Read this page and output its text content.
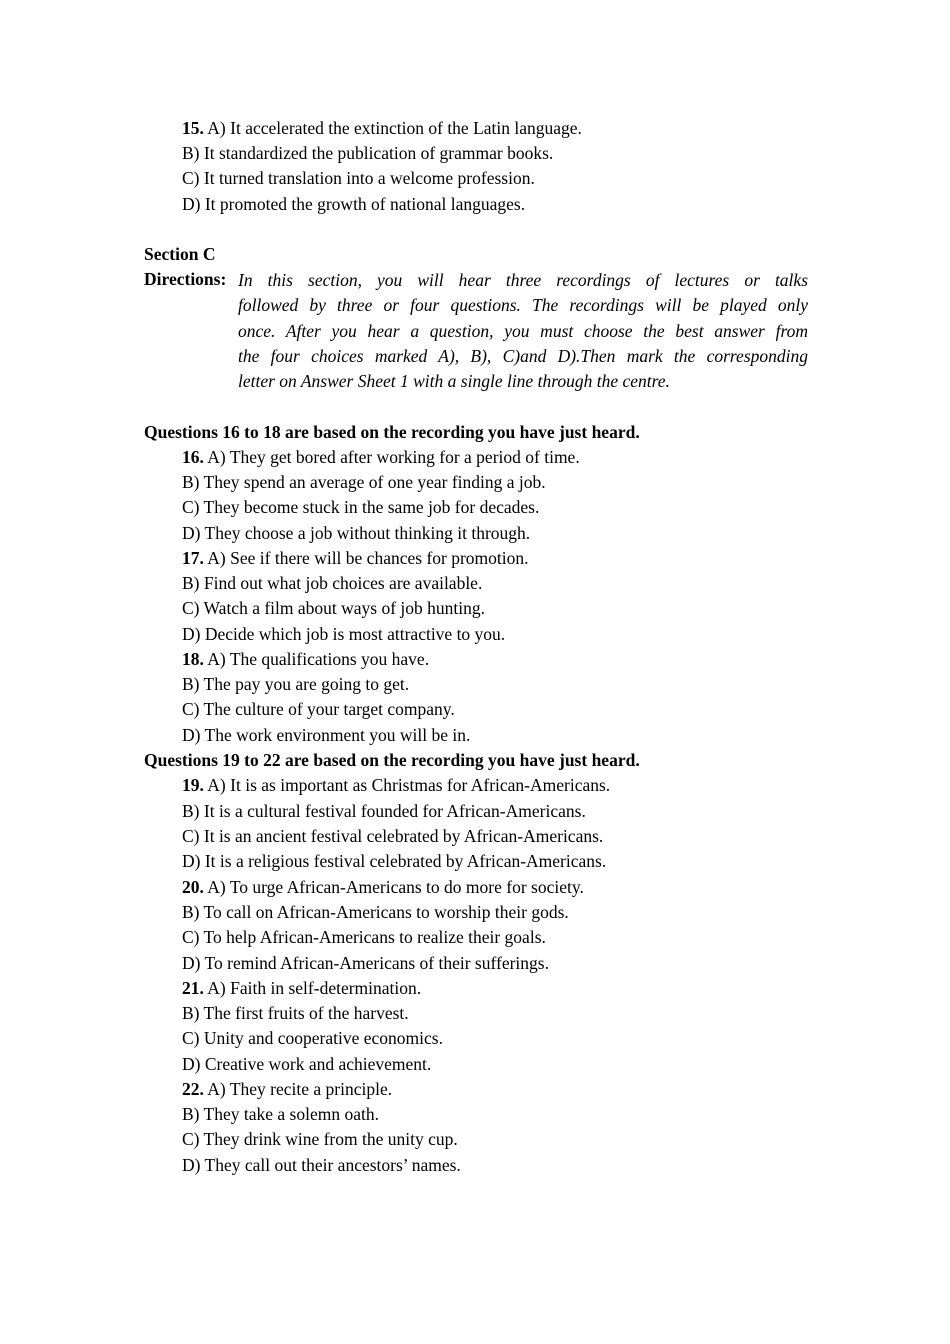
15. A) It accelerated the extinction of the Latin language.
B) It standardized the publication of grammar books.
C) It turned translation into a welcome profession.
D) It promoted the growth of national languages.
Section C
Directions: In this section, you will hear three recordings of lectures or talks
followed by three or four questions. The recordings will be played only
once. After you hear a question, you must choose the best answer from
the four choices marked A), B), C)and D).Then mark the corresponding
letter on Answer Sheet 1 with a single line through the centre.
Questions 16 to 18 are based on the recording you have just heard.
16. A) They get bored after working for a period of time.
B) They spend an average of one year finding a job.
C) They become stuck in the same job for decades.
D) They choose a job without thinking it through.
17. A) See if there will be chances for promotion.
B) Find out what job choices are available.
C) Watch a film about ways of job hunting.
D) Decide which job is most attractive to you.
18. A) The qualifications you have.
B) The pay you are going to get.
C) The culture of your target company.
D) The work environment you will be in.
Questions 19 to 22 are based on the recording you have just heard.
19. A) It is as important as Christmas for African-Americans.
B) It is a cultural festival founded for African-Americans.
C) It is an ancient festival celebrated by African-Americans.
D) It is a religious festival celebrated by African-Americans.
20. A) To urge African-Americans to do more for society.
B) To call on African-Americans to worship their gods.
C) To help African-Americans to realize their goals.
D) To remind African-Americans of their sufferings.
21. A) Faith in self-determination.
B) The first fruits of the harvest.
C) Unity and cooperative economics.
D) Creative work and achievement.
22. A) They recite a principle.
B) They take a solemn oath.
C) They drink wine from the unity cup.
D) They call out their ancestors’ names.
